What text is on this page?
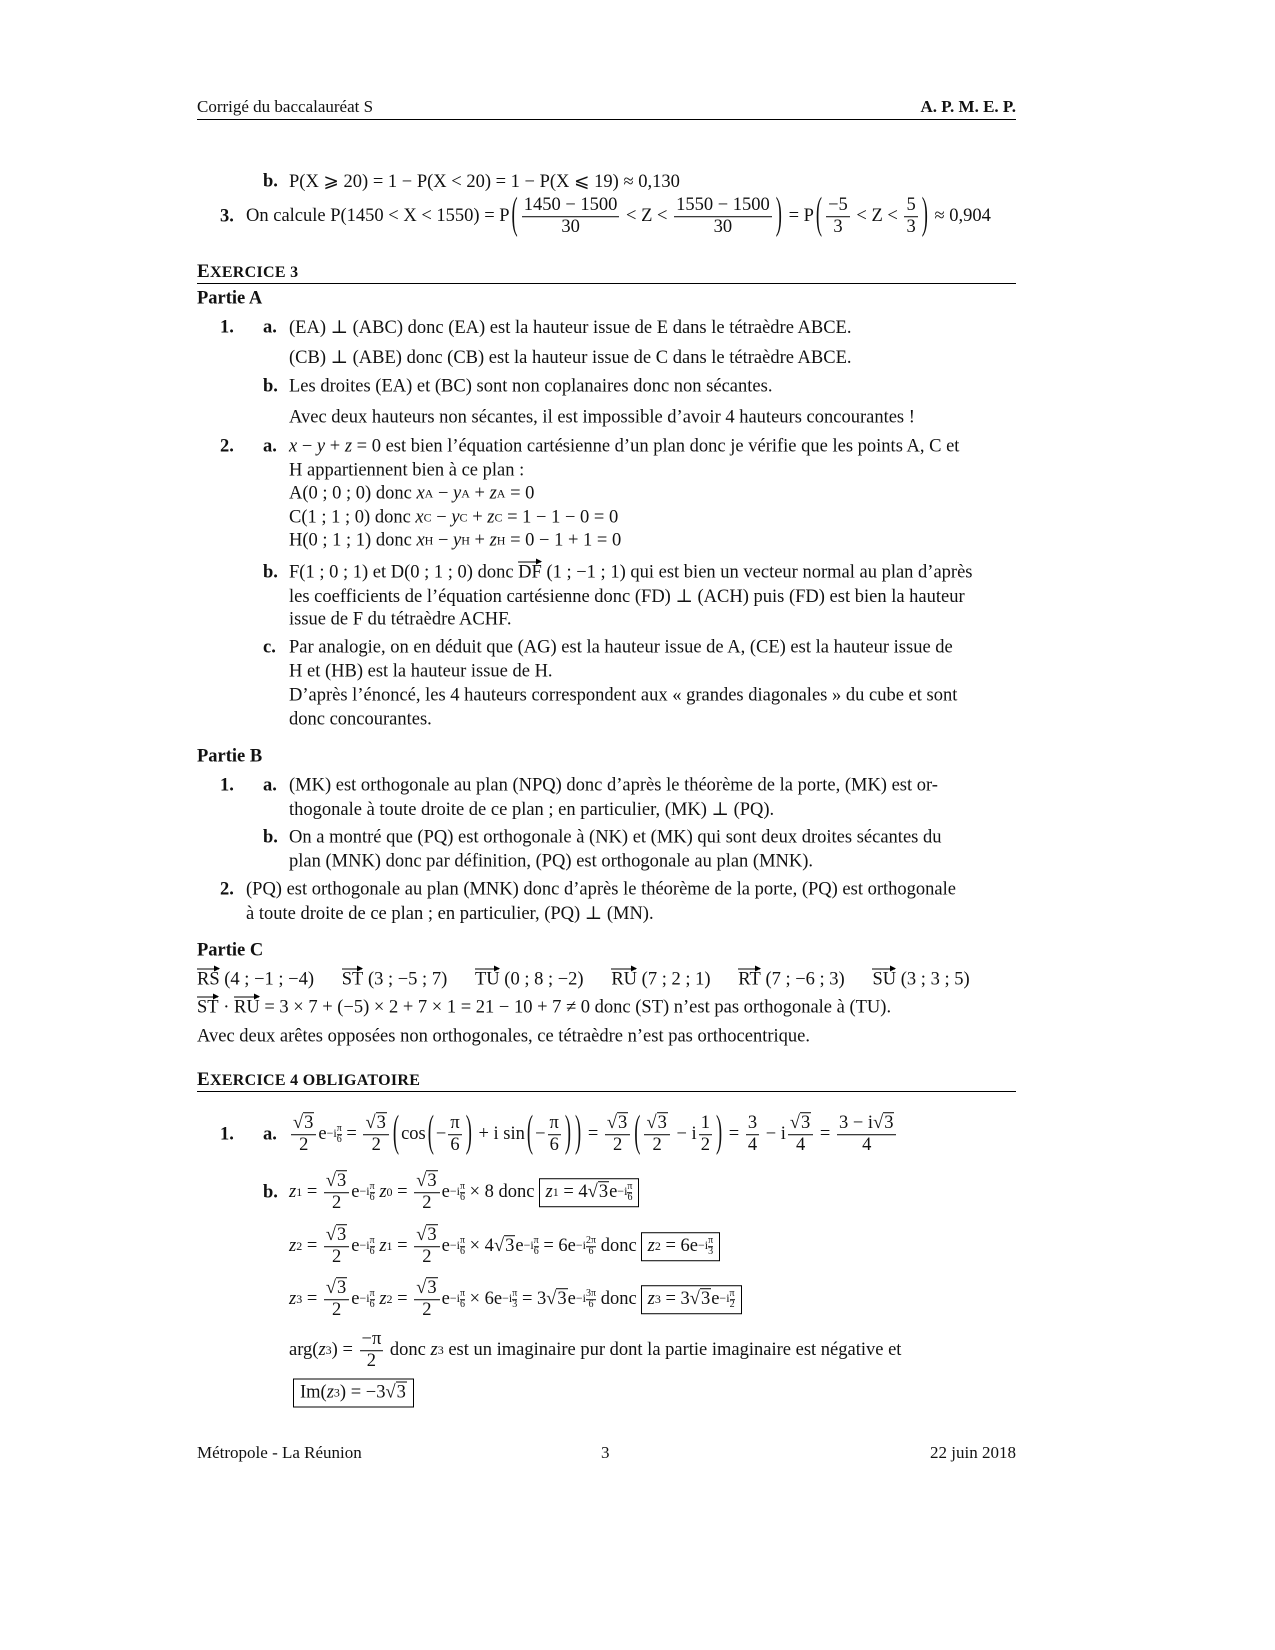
Corrigé du baccalauréat S	A. P. M. E. P.
b. P(X ⩾ 20) = 1 − P(X < 20) = 1 − P(X ⩽ 19) ≈ 0,130
3. On calcule P(1450 < X < 1550) = P ( $\frac{1450 - 1500}{30} < Z < \frac{1550 - 1500}{30}$ ) = P ( $\frac{-5}{3} < Z < \frac{5}{3}$ ) ≈ 0,904
EXERCICE 3
Partie A
1. a. (EA) ⊥ (ABC) donc (EA) est la hauteur issue de E dans le tétraèdre ABCE.
(CB) ⊥ (ABE) donc (CB) est la hauteur issue de C dans le tétraèdre ABCE.
b. Les droites (EA) et (BC) sont non coplanaires donc non sécantes.
Avec deux hauteurs non sécantes, il est impossible d’avoir 4 hauteurs concourantes !
2. a. x − y + z = 0 est bien l’équation cartésienne d’un plan donc je vérifie que les points A, C et
H appartiennent bien à ce plan :
A(0 ; 0 ; 0) donc x A − y A + z A = 0
C(1 ; 1 ; 0) donc x C − y C + z C = 1 − 1 − 0 = 0
H(0 ; 1 ; 1) donc x H − y H + z H = 0 − 1 + 1 = 0
b. F(1 ; 0 ; 1) et D(0 ; 1 ; 0) donc DF (1 ; −1 ; 1) qui est bien un vecteur normal au plan d’après
les coefficients de l’équation cartésienne donc (FD) ⊥ (ACH) puis (FD) est bien la hauteur
issue de F du tétraèdre ACHF.
c. Par analogie, on en déduit que (AG) est la hauteur issue de A, (CE) est la hauteur issue de
H et (HB) est la hauteur issue de H.
D’après l’énoncé, les 4 hauteurs correspondent aux « grandes diagonales » du cube et sont
donc concourantes.
Partie B
1. a. (MK) est orthogonale au plan (NPQ) donc d’après le théorème de la porte, (MK) est or-
thogonale à toute droite de ce plan ; en particulier, (MK) ⊥ (PQ).
b. On a montré que (PQ) est orthogonale à (NK) et (MK) qui sont deux droites sécantes du
plan (MNK) donc par définition, (PQ) est orthogonale au plan (MNK).
2. (PQ) est orthogonale au plan (MNK) donc d’après le théorème de la porte, (PQ) est orthogonale
à toute droite de ce plan ; en particulier, (PQ) ⊥ (MN).
Partie C
RS (4 ; −1 ; −4) ST (3 ; −5 ; 7) TU (0 ; 8 ; −2) RU (7 ; 2 ; 1) RT (7 ; −6 ; 3) SU (3 ; 3 ; 5)
ST · RU = 3 × 7 + (−5) × 2 + 7 × 1 = 21 − 10 + 7 ≠ 0 donc (ST) n’est pas orthogonale à (TU).
Avec deux arêtes opposées non orthogonales, ce tétraèdre n’est pas orthocentrique.
EXERCICE 4 OBLIGATOIRE
1. a. $\frac{√3}{2}$ $e -i \frac{\pi}{6} = \frac{√3}{2}$ ( cos ( − $\frac{\pi}{6}$ ) + i sin ( − $\frac{\pi}{6}$ ) ) = $\frac{√3}{2}$ ( $\frac{√3}{2} - i \frac{1}{2}$ ) = $\frac{3}{4} - i \frac{√3}{4} = \frac{3 - i√3}{4}$
b. z $1 = \frac{√3}{2}$ $e -i \frac{\pi}{6}$
z $0 = \frac{√3}{2}$ $e -i \frac{\pi}{6} \times 8$ donc z 1 = 4 √3 $e -i \frac{\pi}{6}$
z $2 = \frac{√3}{2}$ $e -i \frac{\pi}{6}$
z $1 = \frac{√3}{2}$ $e -i \frac{\pi}{6} \times 4$ √3 $e -i \frac{\pi}{6} = 6e -i \frac{2\pi}{6}$ donc z $2 = 6e -i \frac{\pi}{3}$
z $3 = \frac{√3}{2}$ $e -i \frac{\pi}{6}$
z $2 = \frac{√3}{2}$ $e -i \frac{\pi}{6} \times 6e -i \frac{\pi}{3} = 3$ √3 $e -i \frac{3\pi}{6}$ donc z 3 = 3 √3 $e -i \frac{\pi}{2}$
arg( z 3 ) = $\frac{-\pi}{2}$ donc z 3 est un imaginaire pur dont la partie imaginaire est négative et
Im( z 3 ) = −3 √3
Métropole - La Réunion	3	22 juin 2018
